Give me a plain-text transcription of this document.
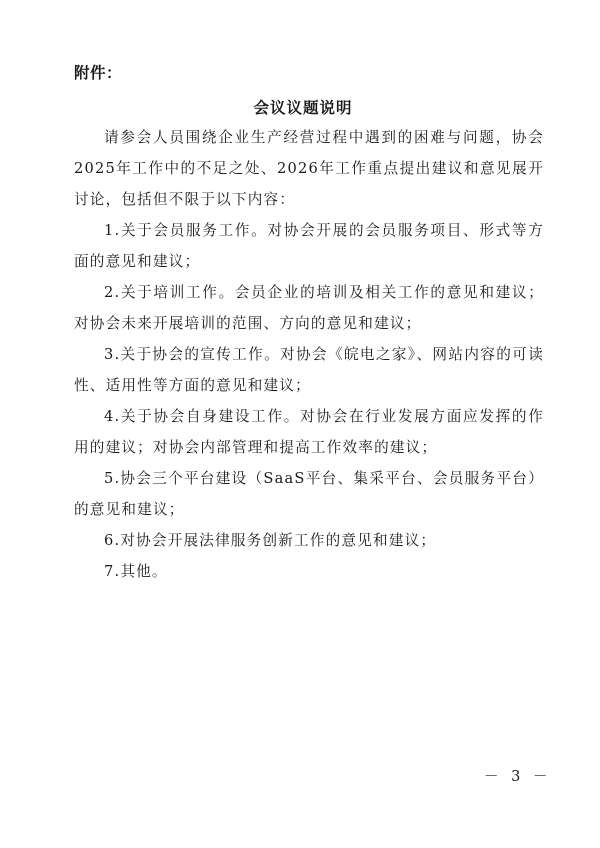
附件：
会议议题说明

请参会人员围绕企业生产经营过程中遇到的困难与问题，协会2025年工作中的不足之处、2026年工作重点提出建议和意见展开讨论，包括但不限于以下内容：

1.关于会员服务工作。对协会开展的会员服务项目、形式等方面的意见和建议；

2.关于培训工作。会员企业的培训及相关工作的意见和建议；对协会未来开展培训的范围、方向的意见和建议；

3.关于协会的宣传工作。对协会《皖电之家》、网站内容的可读性、适用性等方面的意见和建议；

4.关于协会自身建设工作。对协会在行业发展方面应发挥的作用的建议；对协会内部管理和提高工作效率的建议；

5.协会三个平台建设（SaaS平台、集采平台、会员服务平台）的意见和建议；

6.对协会开展法律服务创新工作的意见和建议；

7.其他。

－ 3 －
